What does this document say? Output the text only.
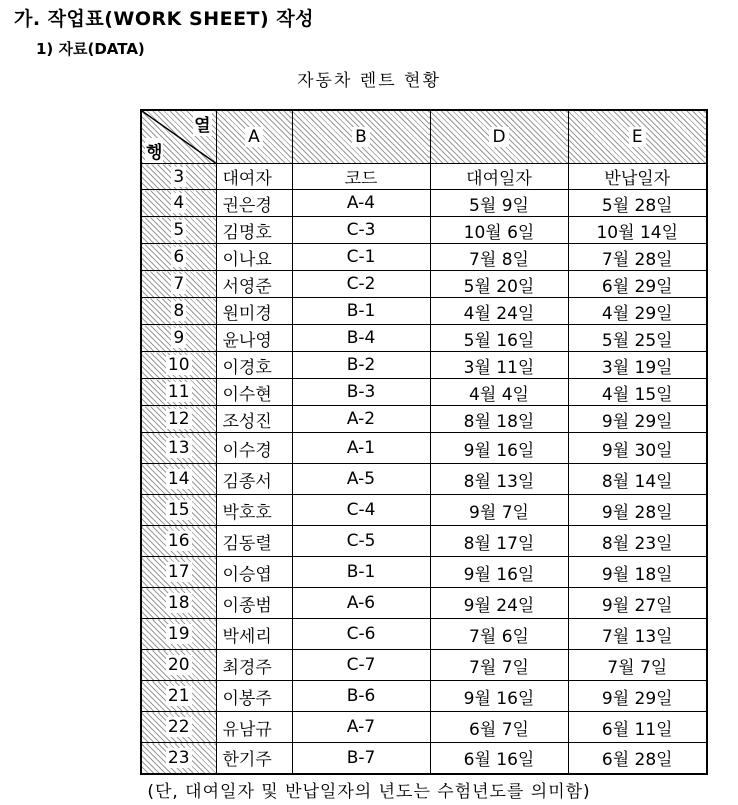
가. 작업표(WORK SHEET) 작성
1) 자료(DATA)
자동차 렌트 현황
열
행	A	B	D	E
3	대여자	코드	대여일자	반납일자
4	권은경	A-4	5월 9일	5월 28일
5	김명호	C-3	10월 6일	10월 14일
6	이나요	C-1	7월 8일	7월 28일
7	서영준	C-2	5월 20일	6월 29일
8	원미경	B-1	4월 24일	4월 29일
9	윤나영	B-4	5월 16일	5월 25일
10	이경호	B-2	3월 11일	3월 19일
11	이수현	B-3	4월 4일	4월 15일
12	조성진	A-2	8월 18일	9월 29일
13	이수경	A-1	9월 16일	9월 30일
14	김종서	A-5	8월 13일	8월 14일
15	박호호	C-4	9월 7일	9월 28일
16	김동렬	C-5	8월 17일	8월 23일
17	이승엽	B-1	9월 16일	9월 18일
18	이종범	A-6	9월 24일	9월 27일
19	박세리	C-6	7월 6일	7월 13일
20	최경주	C-7	7월 7일	7월 7일
21	이봉주	B-6	9월 16일	9월 29일
22	유남규	A-7	6월 7일	6월 11일
23	한기주	B-7	6월 16일	6월 28일
(단, 대여일자 및 반납일자의 년도는 수험년도를 의미함)
